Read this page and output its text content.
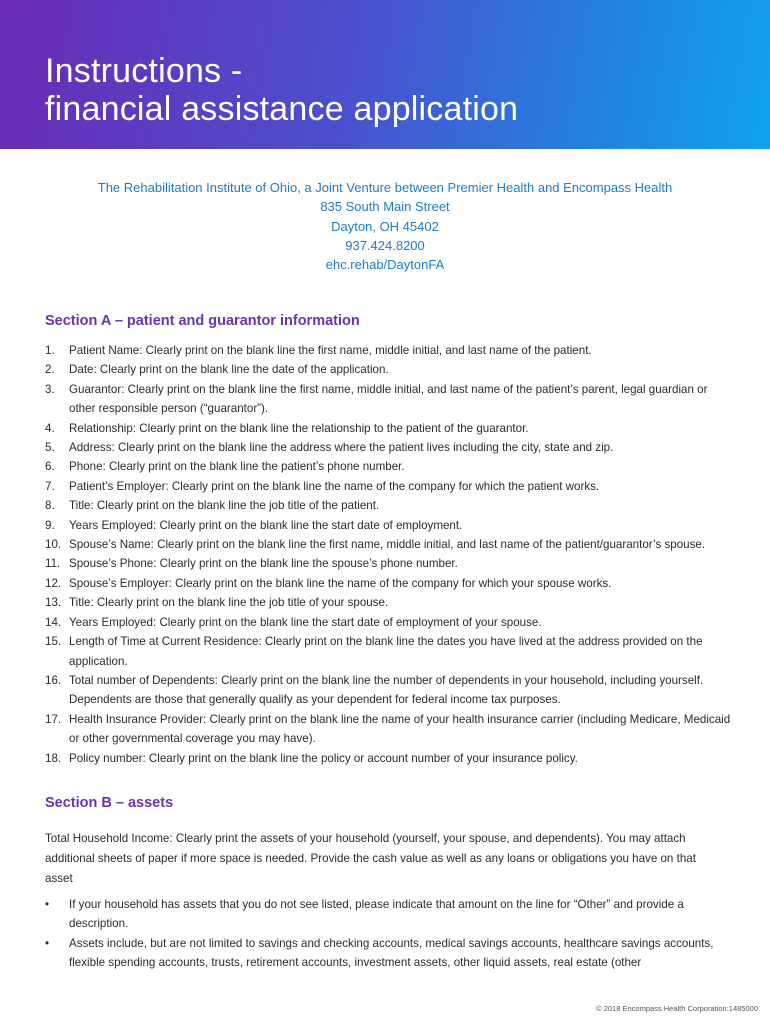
Instructions -
financial assistance application
The Rehabilitation Institute of Ohio, a Joint Venture between Premier Health and Encompass Health
835 South Main Street
Dayton, OH 45402
937.424.8200
ehc.rehab/DaytonFA
Section A – patient and guarantor information
1. Patient Name: Clearly print on the blank line the first name, middle initial, and last name of the patient.
2. Date: Clearly print on the blank line the date of the application.
3. Guarantor: Clearly print on the blank line the first name, middle initial, and last name of the patient’s parent, legal guardian or other responsible person (“guarantor”).
4. Relationship: Clearly print on the blank line the relationship to the patient of the guarantor.
5. Address: Clearly print on the blank line the address where the patient lives including the city, state and zip.
6. Phone: Clearly print on the blank line the patient’s phone number.
7. Patient’s Employer: Clearly print on the blank line the name of the company for which the patient works.
8. Title: Clearly print on the blank line the job title of the patient.
9. Years Employed: Clearly print on the blank line the start date of employment.
10. Spouse’s Name: Clearly print on the blank line the first name, middle initial, and last name of the patient/guarantor’s spouse.
11. Spouse’s Phone: Clearly print on the blank line the spouse’s phone number.
12. Spouse’s Employer: Clearly print on the blank line the name of the company for which your spouse works.
13. Title: Clearly print on the blank line the job title of your spouse.
14. Years Employed: Clearly print on the blank line the start date of employment of your spouse.
15. Length of Time at Current Residence: Clearly print on the blank line the dates you have lived at the address provided on the application.
16. Total number of Dependents: Clearly print on the blank line the number of dependents in your household, including yourself. Dependents are those that generally qualify as your dependent for federal income tax purposes.
17. Health Insurance Provider: Clearly print on the blank line the name of your health insurance carrier (including Medicare, Medicaid or other governmental coverage you may have).
18. Policy number: Clearly print on the blank line the policy or account number of your insurance policy.
Section B – assets
Total Household Income: Clearly print the assets of your household (yourself, your spouse, and dependents). You may attach additional sheets of paper if more space is needed. Provide the cash value as well as any loans or obligations you have on that asset
• If your household has assets that you do not see listed, please indicate that amount on the line for “Other” and provide a description.
• Assets include, but are not limited to savings and checking accounts, medical savings accounts, healthcare savings accounts, flexible spending accounts, trusts, retirement accounts, investment assets, other liquid assets, real estate (other
© 2018 Encompass Health Corporation:1485000
